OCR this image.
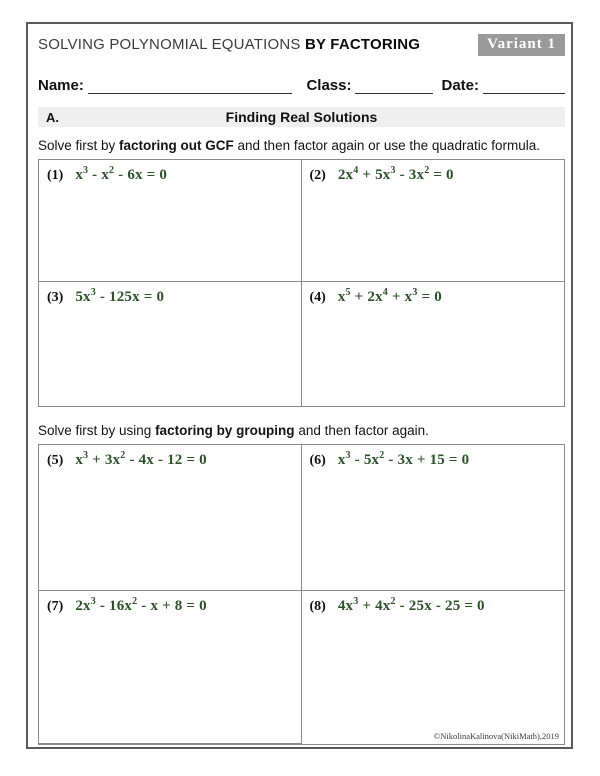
SOLVING POLYNOMIAL EQUATIONS BY FACTORING	Variant 1
Name:	Class:	Date:
A.	Finding Real Solutions
Solve first by factoring out GCF and then factor again or use the quadratic formula.
(1) $x^3 - x^2 - 6x = 0$	(2) $2x^4 + 5x^3 - 3x^2 = 0$
(3) $5x^3 - 125x = 0$	(4) $x^5 + 2x^4 + x^3 = 0$
Solve first by using factoring by grouping and then factor again.
(5) $x^3 + 3x^2 - 4x - 12 = 0$	(6) $x^3 - 5x^2 - 3x + 15 = 0$
(7) $2x^3 - 16x^2 - x + 8 = 0$	(8) $4x^3 + 4x^2 - 25x - 25 = 0$
©NikolinaKalinova(NikiMath),2019
